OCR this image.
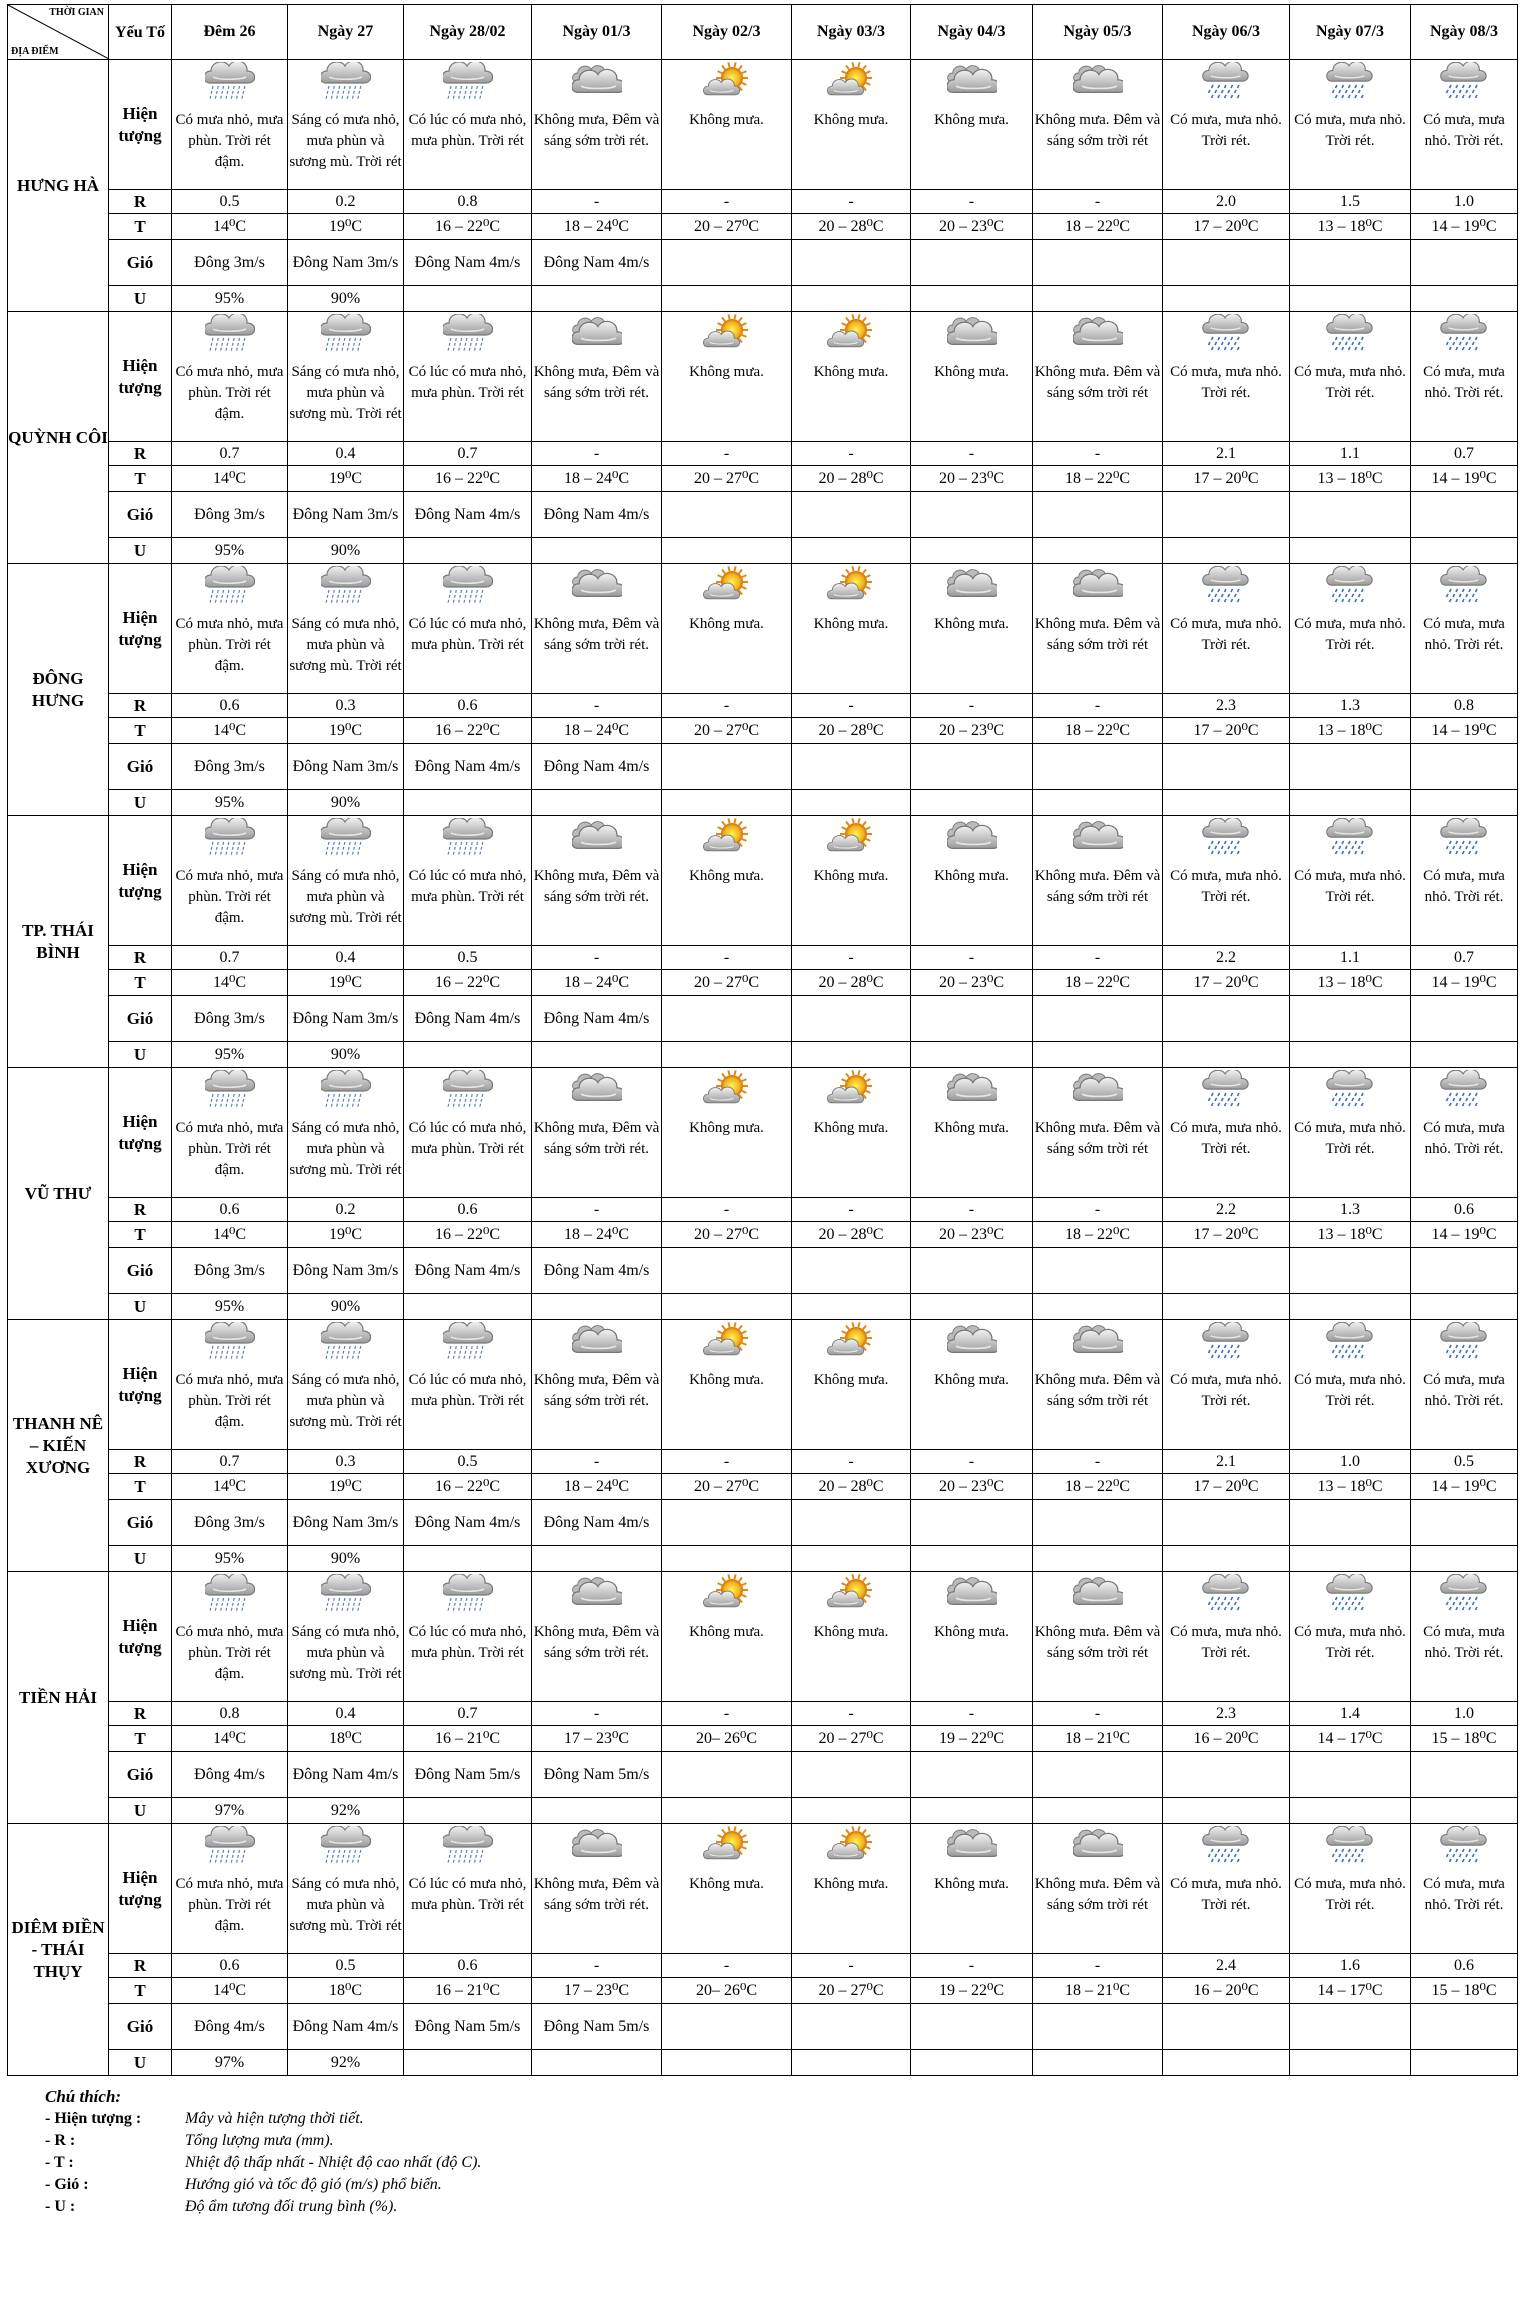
THỜI GIAN
ĐỊA ĐIỂM	Yếu Tố	Đêm 26	Ngày 27	Ngày 28/02	Ngày 01/3	Ngày 02/3	Ngày 03/3	Ngày 04/3	Ngày 05/3	Ngày 06/3	Ngày 07/3	Ngày 08/3
HƯNG HÀ	Hiện tượng	Có mưa nhỏ, mưa phùn. Trời rét đậm.	Sáng có mưa nhỏ, mưa phùn và sương mù. Trời rét	Có lúc có mưa nhỏ, mưa phùn. Trời rét	Không mưa, Đêm và sáng sớm trời rét.	Không mưa.	Không mưa.	Không mưa.	Không mưa. Đêm và sáng sớm trời rét	Có mưa, mưa nhỏ. Trời rét.	Có mưa, mưa nhỏ. Trời rét.	Có mưa, mưa nhỏ. Trời rét.
	R	0.5	0.2	0.8	-	-	-	-	-	2.0	1.5	1.0
	T	14⁰C	19⁰C	16 – 22⁰C	18 – 24⁰C	20 – 27⁰C	20 – 28⁰C	20 – 23⁰C	18 – 22⁰C	17 – 20⁰C	13 – 18⁰C	14 – 19⁰C
	Gió	Đông 3m/s	Đông Nam 3m/s	Đông Nam 4m/s	Đông Nam 4m/s							
	U	95%	90%									
QUỲNH CÔI	Hiện tượng	Có mưa nhỏ, mưa phùn. Trời rét đậm.	Sáng có mưa nhỏ, mưa phùn và sương mù. Trời rét	Có lúc có mưa nhỏ, mưa phùn. Trời rét	Không mưa, Đêm và sáng sớm trời rét.	Không mưa.	Không mưa.	Không mưa.	Không mưa. Đêm và sáng sớm trời rét	Có mưa, mưa nhỏ. Trời rét.	Có mưa, mưa nhỏ. Trời rét.	Có mưa, mưa nhỏ. Trời rét.
	R	0.7	0.4	0.7	-	-	-	-	-	2.1	1.1	0.7
	T	14⁰C	19⁰C	16 – 22⁰C	18 – 24⁰C	20 – 27⁰C	20 – 28⁰C	20 – 23⁰C	18 – 22⁰C	17 – 20⁰C	13 – 18⁰C	14 – 19⁰C
	Gió	Đông 3m/s	Đông Nam 3m/s	Đông Nam 4m/s	Đông Nam 4m/s							
	U	95%	90%									
ĐÔNG HƯNG	Hiện tượng	Có mưa nhỏ, mưa phùn. Trời rét đậm.	Sáng có mưa nhỏ, mưa phùn và sương mù. Trời rét	Có lúc có mưa nhỏ, mưa phùn. Trời rét	Không mưa, Đêm và sáng sớm trời rét.	Không mưa.	Không mưa.	Không mưa.	Không mưa. Đêm và sáng sớm trời rét	Có mưa, mưa nhỏ. Trời rét.	Có mưa, mưa nhỏ. Trời rét.	Có mưa, mưa nhỏ. Trời rét.
	R	0.6	0.3	0.6	-	-	-	-	-	2.3	1.3	0.8
	T	14⁰C	19⁰C	16 – 22⁰C	18 – 24⁰C	20 – 27⁰C	20 – 28⁰C	20 – 23⁰C	18 – 22⁰C	17 – 20⁰C	13 – 18⁰C	14 – 19⁰C
	Gió	Đông 3m/s	Đông Nam 3m/s	Đông Nam 4m/s	Đông Nam 4m/s							
	U	95%	90%									
TP. THÁI BÌNH	Hiện tượng	Có mưa nhỏ, mưa phùn. Trời rét đậm.	Sáng có mưa nhỏ, mưa phùn và sương mù. Trời rét	Có lúc có mưa nhỏ, mưa phùn. Trời rét	Không mưa, Đêm và sáng sớm trời rét.	Không mưa.	Không mưa.	Không mưa.	Không mưa. Đêm và sáng sớm trời rét	Có mưa, mưa nhỏ. Trời rét.	Có mưa, mưa nhỏ. Trời rét.	Có mưa, mưa nhỏ. Trời rét.
	R	0.7	0.4	0.5	-	-	-	-	-	2.2	1.1	0.7
	T	14⁰C	19⁰C	16 – 22⁰C	18 – 24⁰C	20 – 27⁰C	20 – 28⁰C	20 – 23⁰C	18 – 22⁰C	17 – 20⁰C	13 – 18⁰C	14 – 19⁰C
	Gió	Đông 3m/s	Đông Nam 3m/s	Đông Nam 4m/s	Đông Nam 4m/s							
	U	95%	90%									
VŨ THƯ	Hiện tượng	Có mưa nhỏ, mưa phùn. Trời rét đậm.	Sáng có mưa nhỏ, mưa phùn và sương mù. Trời rét	Có lúc có mưa nhỏ, mưa phùn. Trời rét	Không mưa, Đêm và sáng sớm trời rét.	Không mưa.	Không mưa.	Không mưa.	Không mưa. Đêm và sáng sớm trời rét	Có mưa, mưa nhỏ. Trời rét.	Có mưa, mưa nhỏ. Trời rét.	Có mưa, mưa nhỏ. Trời rét.
	R	0.6	0.2	0.6	-	-	-	-	-	2.2	1.3	0.6
	T	14⁰C	19⁰C	16 – 22⁰C	18 – 24⁰C	20 – 27⁰C	20 – 28⁰C	20 – 23⁰C	18 – 22⁰C	17 – 20⁰C	13 – 18⁰C	14 – 19⁰C
	Gió	Đông 3m/s	Đông Nam 3m/s	Đông Nam 4m/s	Đông Nam 4m/s							
	U	95%	90%									
THANH NÊ – KIẾN XƯƠNG	Hiện tượng	Có mưa nhỏ, mưa phùn. Trời rét đậm.	Sáng có mưa nhỏ, mưa phùn và sương mù. Trời rét	Có lúc có mưa nhỏ, mưa phùn. Trời rét	Không mưa, Đêm và sáng sớm trời rét.	Không mưa.	Không mưa.	Không mưa.	Không mưa. Đêm và sáng sớm trời rét	Có mưa, mưa nhỏ. Trời rét.	Có mưa, mưa nhỏ. Trời rét.	Có mưa, mưa nhỏ. Trời rét.
	R	0.7	0.3	0.5	-	-	-	-	-	2.1	1.0	0.5
	T	14⁰C	19⁰C	16 – 22⁰C	18 – 24⁰C	20 – 27⁰C	20 – 28⁰C	20 – 23⁰C	18 – 22⁰C	17 – 20⁰C	13 – 18⁰C	14 – 19⁰C
	Gió	Đông 3m/s	Đông Nam 3m/s	Đông Nam 4m/s	Đông Nam 4m/s							
	U	95%	90%									
TIỀN HẢI	Hiện tượng	Có mưa nhỏ, mưa phùn. Trời rét đậm.	Sáng có mưa nhỏ, mưa phùn và sương mù. Trời rét	Có lúc có mưa nhỏ, mưa phùn. Trời rét	Không mưa, Đêm và sáng sớm trời rét.	Không mưa.	Không mưa.	Không mưa.	Không mưa. Đêm và sáng sớm trời rét	Có mưa, mưa nhỏ. Trời rét.	Có mưa, mưa nhỏ. Trời rét.	Có mưa, mưa nhỏ. Trời rét.
	R	0.8	0.4	0.7	-	-	-	-	-	2.3	1.4	1.0
	T	14⁰C	18⁰C	16 – 21⁰C	17 – 23⁰C	20– 26⁰C	20 – 27⁰C	19 – 22⁰C	18 – 21⁰C	16 – 20⁰C	14 – 17⁰C	15 – 18⁰C
	Gió	Đông 4m/s	Đông Nam 4m/s	Đông Nam 5m/s	Đông Nam 5m/s							
	U	97%	92%									
DIÊM ĐIỀN - THÁI THỤY	Hiện tượng	Có mưa nhỏ, mưa phùn. Trời rét đậm.	Sáng có mưa nhỏ, mưa phùn và sương mù. Trời rét	Có lúc có mưa nhỏ, mưa phùn. Trời rét	Không mưa, Đêm và sáng sớm trời rét.	Không mưa.	Không mưa.	Không mưa.	Không mưa. Đêm và sáng sớm trời rét	Có mưa, mưa nhỏ. Trời rét.	Có mưa, mưa nhỏ. Trời rét.	Có mưa, mưa nhỏ. Trời rét.
	R	0.6	0.5	0.6	-	-	-	-	-	2.4	1.6	0.6
	T	14⁰C	18⁰C	16 – 21⁰C	17 – 23⁰C	20– 26⁰C	20 – 27⁰C	19 – 22⁰C	18 – 21⁰C	16 – 20⁰C	14 – 17⁰C	15 – 18⁰C
	Gió	Đông 4m/s	Đông Nam 4m/s	Đông Nam 5m/s	Đông Nam 5m/s							
	U	97%	92%									
Chú thích:
- Hiện tượng :	Mây và hiện tượng thời tiết.
- R :	Tổng lượng mưa (mm).
- T :	Nhiệt độ thấp nhất - Nhiệt độ cao nhất (độ C).
- Gió :	Hướng gió và tốc độ gió (m/s) phổ biến.
- U :	Độ ẩm tương đối trung bình (%).
